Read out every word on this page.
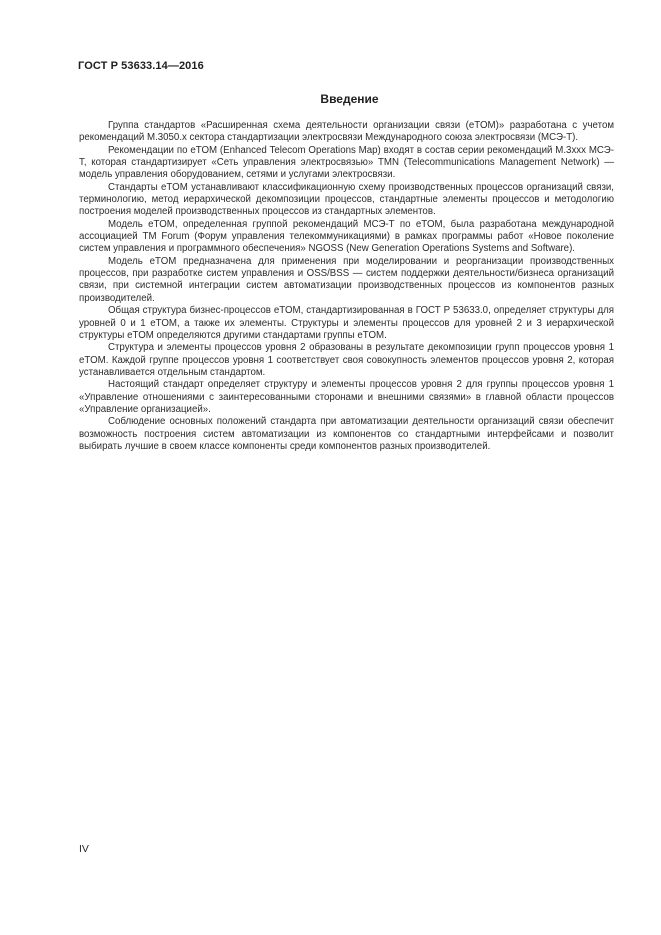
ГОСТ Р 53633.14—2016
Введение

Группа стандартов «Расширенная схема деятельности организации связи (eTOM)» разработана с учетом рекомендаций M.3050.x сектора стандартизации электросвязи Международного союза электросвязи (МСЭ-Т).

Рекомендации по eTOM (Enhanced Telecom Operations Map) входят в состав серии рекомендаций M.3xxx МСЭ-Т, которая стандартизирует «Сеть управления электросвязью» TMN (Telecommunications Management Network) — модель управления оборудованием, сетями и услугами электросвязи.

Стандарты eTOM устанавливают классификационную схему производственных процессов организаций связи, терминологию, метод иерархической декомпозиции процессов, стандартные элементы процессов и методологию построения моделей производственных процессов из стандартных элементов.

Модель eTOM, определенная группой рекомендаций МСЭ-Т по eTOM, была разработана международной ассоциацией TM Forum (Форум управления телекоммуникациями) в рамках программы работ «Новое поколение систем управления и программного обеспечения» NGOSS (New Generation Operations Systems and Software).

Модель eTOM предназначена для применения при моделировании и реорганизации производственных процессов, при разработке систем управления и OSS/BSS — систем поддержки деятельности/бизнеса организаций связи, при системной интеграции систем автоматизации производственных процессов из компонентов разных производителей.

Общая структура бизнес-процессов eTOM, стандартизированная в ГОСТ Р 53633.0, определяет структуры для уровней 0 и 1 eTOM, а также их элементы. Структуры и элементы процессов для уровней 2 и 3 иерархической структуры eTOM определяются другими стандартами группы eTOM.

Структура и элементы процессов уровня 2 образованы в результате декомпозиции групп процессов уровня 1 eTOM. Каждой группе процессов уровня 1 соответствует своя совокупность элементов процессов уровня 2, которая устанавливается отдельным стандартом.

Настоящий стандарт определяет структуру и элементы процессов уровня 2 для группы процессов уровня 1 «Управление отношениями с заинтересованными сторонами и внешними связями» в главной области процессов «Управление организацией».

Соблюдение основных положений стандарта при автоматизации деятельности организаций связи обеспечит возможность построения систем автоматизации из компонентов со стандартными интерфейсами и позволит выбирать лучшие в своем классе компоненты среди компонентов разных производителей.

IV
